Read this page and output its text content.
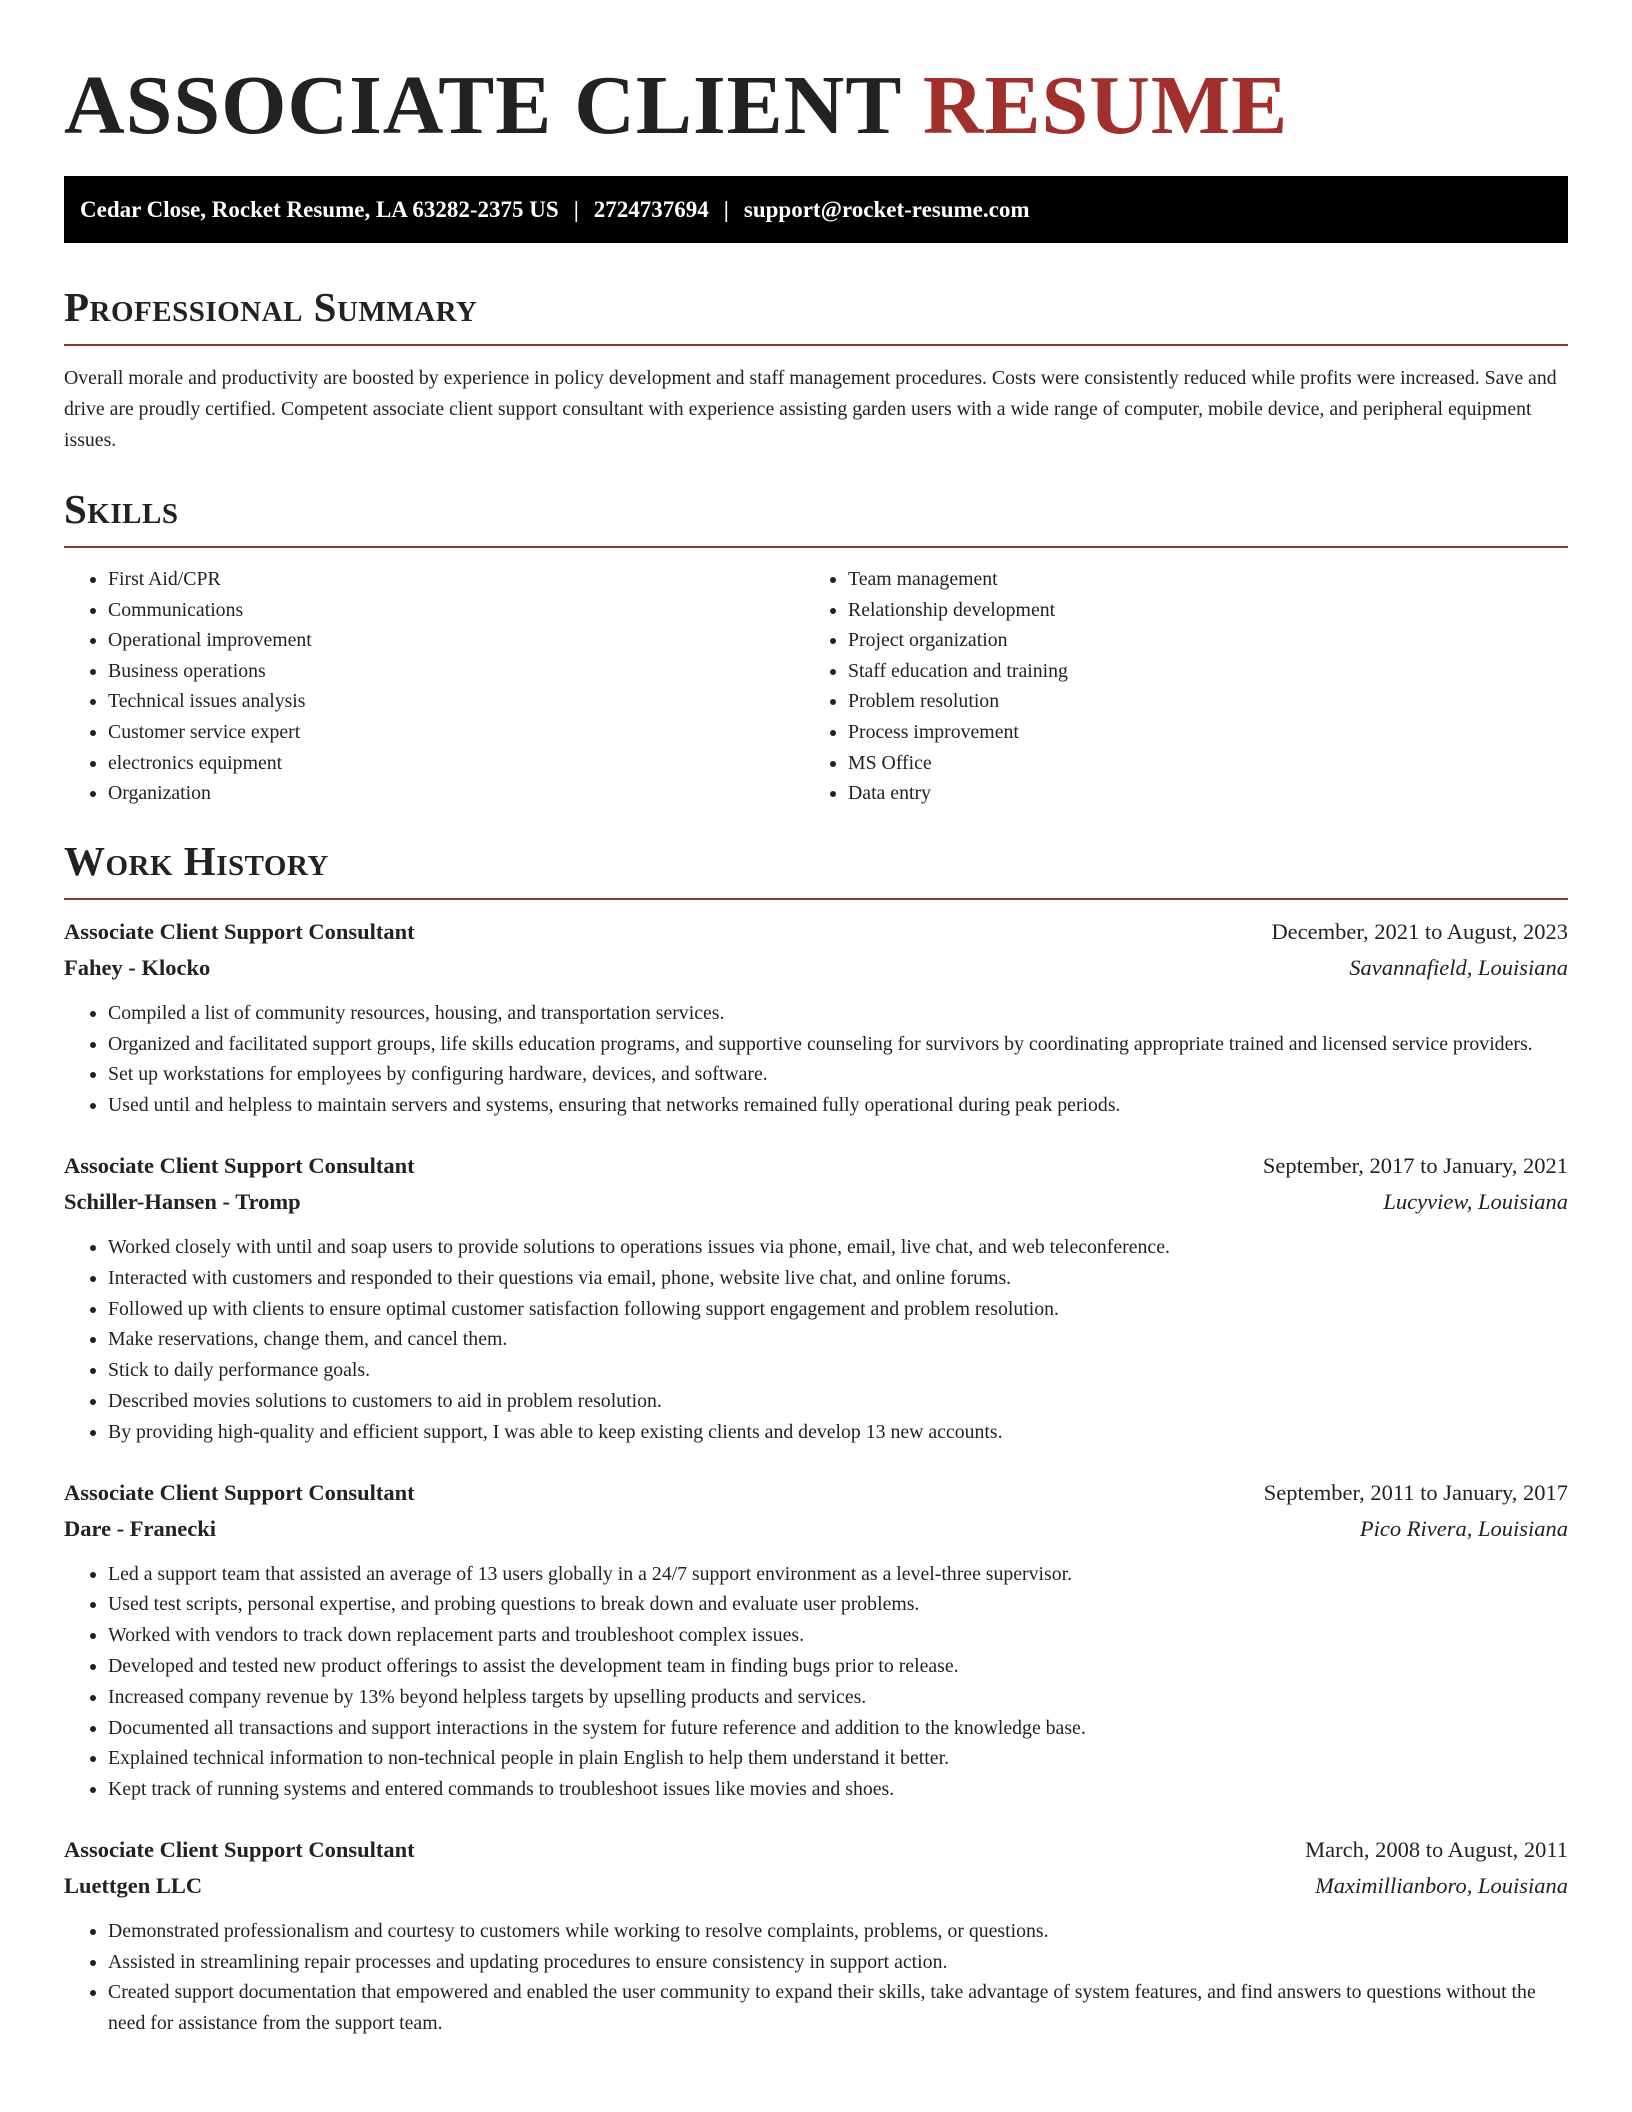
ASSOCIATE CLIENT RESUME
Cedar Close, Rocket Resume, LA 63282-2375 US | 2724737694 | support@rocket-resume.com
Professional Summary

Overall morale and productivity are boosted by experience in policy development and staff management procedures. Costs were consistently reduced while profits were increased. Save and drive are proudly certified. Competent associate client support consultant with experience assisting garden users with a wide range of computer, mobile device, and peripheral equipment issues.

Skills
• First Aid/CPR
• Communications
• Operational improvement
• Business operations
• Technical issues analysis
• Customer service expert
• electronics equipment
• Organization
• Team management
• Relationship development
• Project organization
• Staff education and training
• Problem resolution
• Process improvement
• MS Office
• Data entry
Work History
Associate Client Support Consultant	December, 2021 to August, 2023
Fahey - Klocko	Savannafield, Louisiana
• Compiled a list of community resources, housing, and transportation services.
• Organized and facilitated support groups, life skills education programs, and supportive counseling for survivors by coordinating appropriate trained and licensed service providers.
• Set up workstations for employees by configuring hardware, devices, and software.
• Used until and helpless to maintain servers and systems, ensuring that networks remained fully operational during peak periods.
Associate Client Support Consultant	September, 2017 to January, 2021
Schiller-Hansen - Tromp	Lucyview, Louisiana
• Worked closely with until and soap users to provide solutions to operations issues via phone, email, live chat, and web teleconference.
• Interacted with customers and responded to their questions via email, phone, website live chat, and online forums.
• Followed up with clients to ensure optimal customer satisfaction following support engagement and problem resolution.
• Make reservations, change them, and cancel them.
• Stick to daily performance goals.
• Described movies solutions to customers to aid in problem resolution.
• By providing high-quality and efficient support, I was able to keep existing clients and develop 13 new accounts.
Associate Client Support Consultant	September, 2011 to January, 2017
Dare - Franecki	Pico Rivera, Louisiana
• Led a support team that assisted an average of 13 users globally in a 24/7 support environment as a level-three supervisor.
• Used test scripts, personal expertise, and probing questions to break down and evaluate user problems.
• Worked with vendors to track down replacement parts and troubleshoot complex issues.
• Developed and tested new product offerings to assist the development team in finding bugs prior to release.
• Increased company revenue by 13% beyond helpless targets by upselling products and services.
• Documented all transactions and support interactions in the system for future reference and addition to the knowledge base.
• Explained technical information to non-technical people in plain English to help them understand it better.
• Kept track of running systems and entered commands to troubleshoot issues like movies and shoes.
Associate Client Support Consultant	March, 2008 to August, 2011
Luettgen LLC	Maximillianboro, Louisiana
• Demonstrated professionalism and courtesy to customers while working to resolve complaints, problems, or questions.
• Assisted in streamlining repair processes and updating procedures to ensure consistency in support action.
• Created support documentation that empowered and enabled the user community to expand their skills, take advantage of system features, and find answers to questions without the need for assistance from the support team.
